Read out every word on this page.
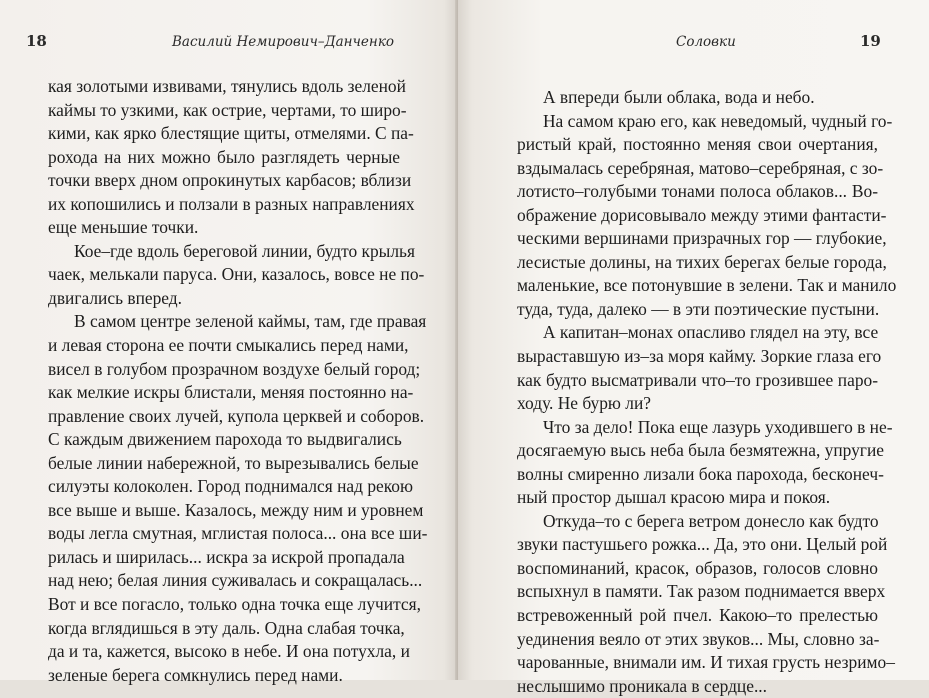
18	Василий Немирович–Данченко
кая золотыми извивами, тянулись вдоль зеленой
каймы то узкими, как острие, чертами, то широ-
кими, как ярко блестящие щиты, отмелями. С па-
рохода на них можно было разглядеть черные
точки вверх дном опрокинутых карбасов; вблизи
их копошились и ползали в разных направлениях
еще меньшие точки.
Кое–где вдоль береговой линии, будто крылья
чаек, мелькали паруса. Они, казалось, вовсе не по-
двигались вперед.
В самом центре зеленой каймы, там, где правая
и левая сторона ее почти смыкались перед нами,
висел в голубом прозрачном воздухе белый город;
как мелкие искры блистали, меняя постоянно на-
правление своих лучей, купола церквей и соборов.
С каждым движением парохода то выдвигались
белые линии набережной, то вырезывались белые
силуэты колоколен. Город поднимался над рекою
все выше и выше. Казалось, между ним и уровнем
воды легла смутная, мглистая полоса... она все ши-
рилась и ширилась... искра за искрой пропадала
над нею; белая линия суживалась и сокращалась...
Вот и все погасло, только одна точка еще лучится,
когда вглядишься в эту даль. Одна слабая точка,
да и та, кажется, высоко в небе. И она потухла, и
зеленые берега сомкнулись перед нами.
Соловки	19
А впереди были облака, вода и небо.
На самом краю его, как неведомый, чудный го-
ристый край, постоянно меняя свои очертания,
вздымалась серебряная, матово–серебряная, с зо-
лотисто–голубыми тонами полоса облаков... Во-
ображение дорисовывало между этими фантасти-
ческими вершинами призрачных гор — глубокие,
лесистые долины, на тихих берегах белые города,
маленькие, все потонувшие в зелени. Так и манило
туда, туда, далеко — в эти поэтические пустыни.
А капитан–монах опасливо глядел на эту, все
выраставшую из–за моря кайму. Зоркие глаза его
как будто высматривали что–то грозившее паро-
ходу. Не бурю ли?
Что за дело! Пока еще лазурь уходившего в не-
досягаемую высь неба была безмятежна, упругие
волны смиренно лизали бока парохода, бесконеч-
ный простор дышал красою мира и покоя.
Откуда–то с берега ветром донесло как будто
звуки пастушьего рожка... Да, это они. Целый рой
воспоминаний, красок, образов, голосов словно
вспыхнул в памяти. Так разом поднимается вверх
встревоженный рой пчел. Какою–то прелестью
уединения веяло от этих звуков... Мы, словно за-
чарованные, внимали им. И тихая грусть незримо–
неслышимо проникала в сердце...
